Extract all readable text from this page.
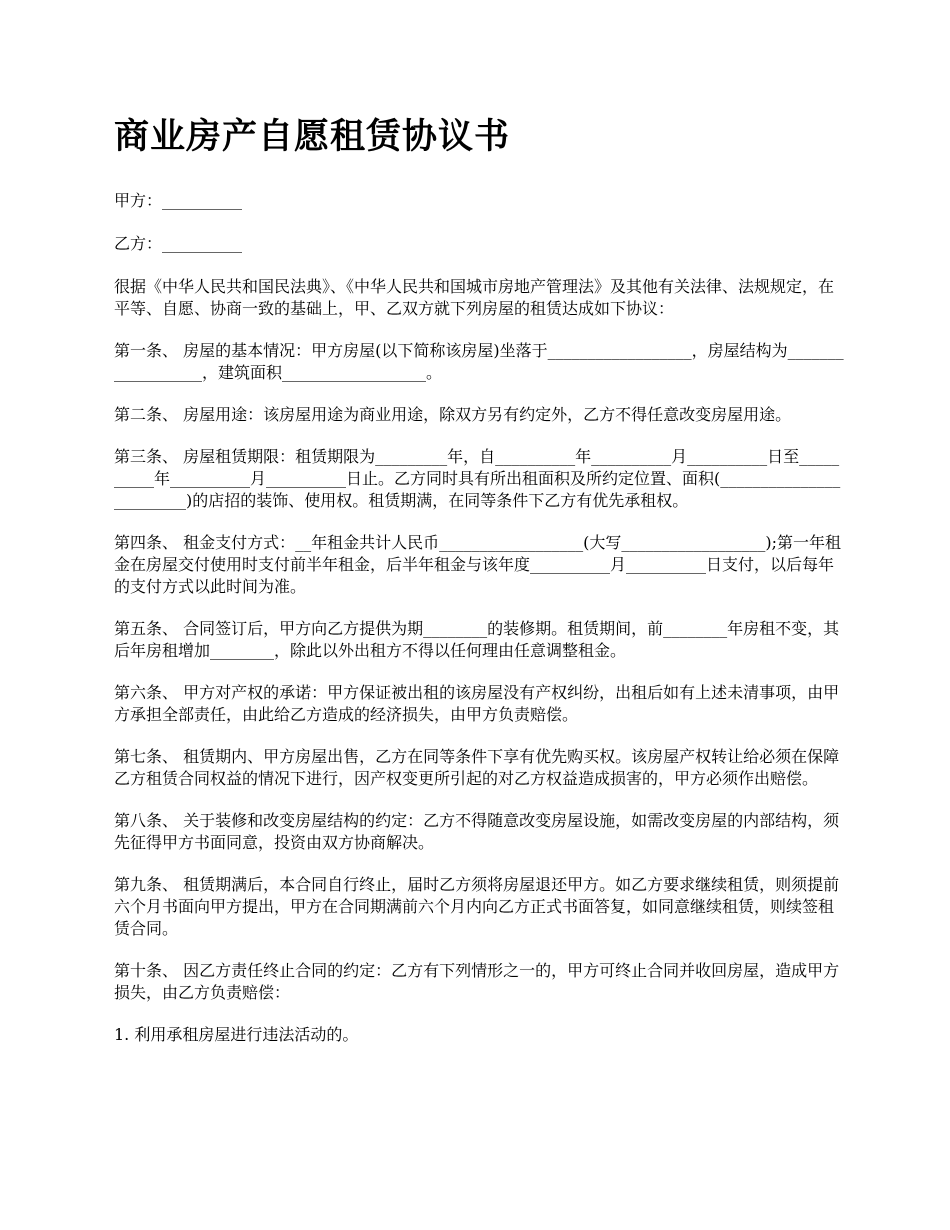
商业房产自愿租赁协议书

甲方：__________

乙方：__________

很据《中华人民共和国民法典》、《中华人民共和国城市房地产管理法》及其他有关法律、法规规定，在平等、自愿、协商一致的基础上，甲、乙双方就下列房屋的租赁达成如下协议：

第一条、 房屋的基本情况：甲方房屋(以下简称该房屋)坐落于__________________，房屋结构为__________________，建筑面积__________________。

第二条、 房屋用途：该房屋用途为商业用途，除双方另有约定外，乙方不得任意改变房屋用途。

第三条、 房屋租赁期限：租赁期限为_________年，自__________年__________月__________日至__________年__________月__________日止。乙方同时具有所出租面积及所约定位置、面积(________________________)的店招的装饰、使用权。租赁期满，在同等条件下乙方有优先承租权。

第四条、 租金支付方式：__年租金共计人民币__________________(大写__________________);第一年租金在房屋交付使用时支付前半年租金，后半年租金与该年度__________月__________日支付，以后每年的支付方式以此时间为准。

第五条、 合同签订后，甲方向乙方提供为期________的装修期。租赁期间，前________年房租不变，其后年房租增加________，除此以外出租方不得以任何理由任意调整租金。

第六条、 甲方对产权的承诺：甲方保证被出租的该房屋没有产权纠纷，出租后如有上述未清事项，由甲方承担全部责任，由此给乙方造成的经济损失，由甲方负责赔偿。

第七条、 租赁期内、甲方房屋出售，乙方在同等条件下享有优先购买权。该房屋产权转让给必须在保障乙方租赁合同权益的情况下进行，因产权变更所引起的对乙方权益造成损害的，甲方必须作出赔偿。

第八条、 关于装修和改变房屋结构的约定：乙方不得随意改变房屋设施，如需改变房屋的内部结构，须先征得甲方书面同意，投资由双方协商解决。

第九条、 租赁期满后，本合同自行终止，届时乙方须将房屋退还甲方。如乙方要求继续租赁，则须提前六个月书面向甲方提出，甲方在合同期满前六个月内向乙方正式书面答复，如同意继续租赁，则续签租赁合同。

第十条、 因乙方责任终止合同的约定：乙方有下列情形之一的，甲方可终止合同并收回房屋，造成甲方损失，由乙方负责赔偿：

1. 利用承租房屋进行违法活动的。
